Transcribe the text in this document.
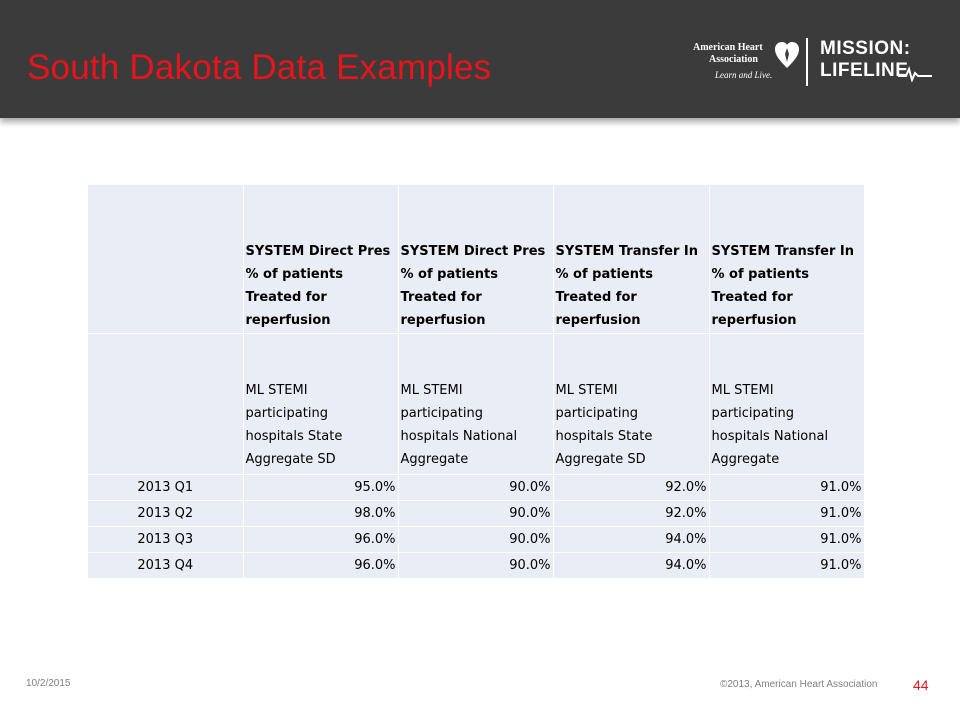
South Dakota Data Examples
American Heart
Association
Learn and Live.
MISSION:
LIFELINE
	SYSTEM Direct Pres
% of patients
Treated for
reperfusion	SYSTEM Direct Pres
% of patients
Treated for
reperfusion	SYSTEM Transfer In
% of patients
Treated for
reperfusion	SYSTEM Transfer In
% of patients
Treated for
reperfusion
	ML STEMI
participating
hospitals State
Aggregate SD	ML STEMI
participating
hospitals National
Aggregate	ML STEMI
participating
hospitals State
Aggregate SD	ML STEMI
participating
hospitals National
Aggregate
2013 Q1	95.0%	90.0%	92.0%	91.0%
2013 Q2	98.0%	90.0%	92.0%	91.0%
2013 Q3	96.0%	90.0%	94.0%	91.0%
2013 Q4	96.0%	90.0%	94.0%	91.0%
10/2/2015	©2013, American Heart Association	44
